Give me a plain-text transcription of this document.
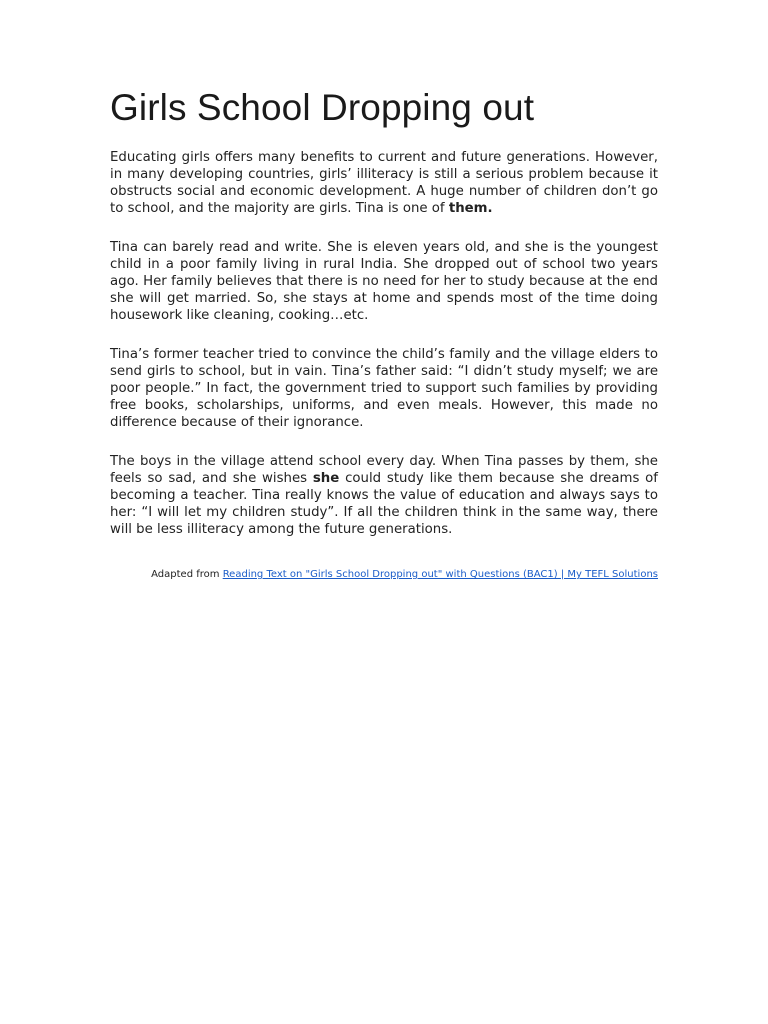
Girls School Dropping out

Educating girls offers many benefits to current and future generations. However, in many developing countries, girls’ illiteracy is still a serious problem because it obstructs social and economic development. A huge number of children don’t go to school, and the majority are girls. Tina is one of them.

Tina can barely read and write. She is eleven years old, and she is the youngest child in a poor family living in rural India. She dropped out of school two years ago. Her family believes that there is no need for her to study because at the end she will get married. So, she stays at home and spends most of the time doing housework like cleaning, cooking…etc.

Tina’s former teacher tried to convince the child’s family and the village elders to send girls to school, but in vain. Tina’s father said: “I didn’t study myself; we are poor people.” In fact, the government tried to support such families by providing free books, scholarships, uniforms, and even meals. However, this made no difference because of their ignorance.

The boys in the village attend school every day. When Tina passes by them, she feels so sad, and she wishes she could study like them because she dreams of becoming a teacher. Tina really knows the value of education and always says to her: “I will let my children study”. If all the children think in the same way, there will be less illiteracy among the future generations.

Adapted from Reading Text on "Girls School Dropping out" with Questions (BAC1) | My TEFL Solutions
